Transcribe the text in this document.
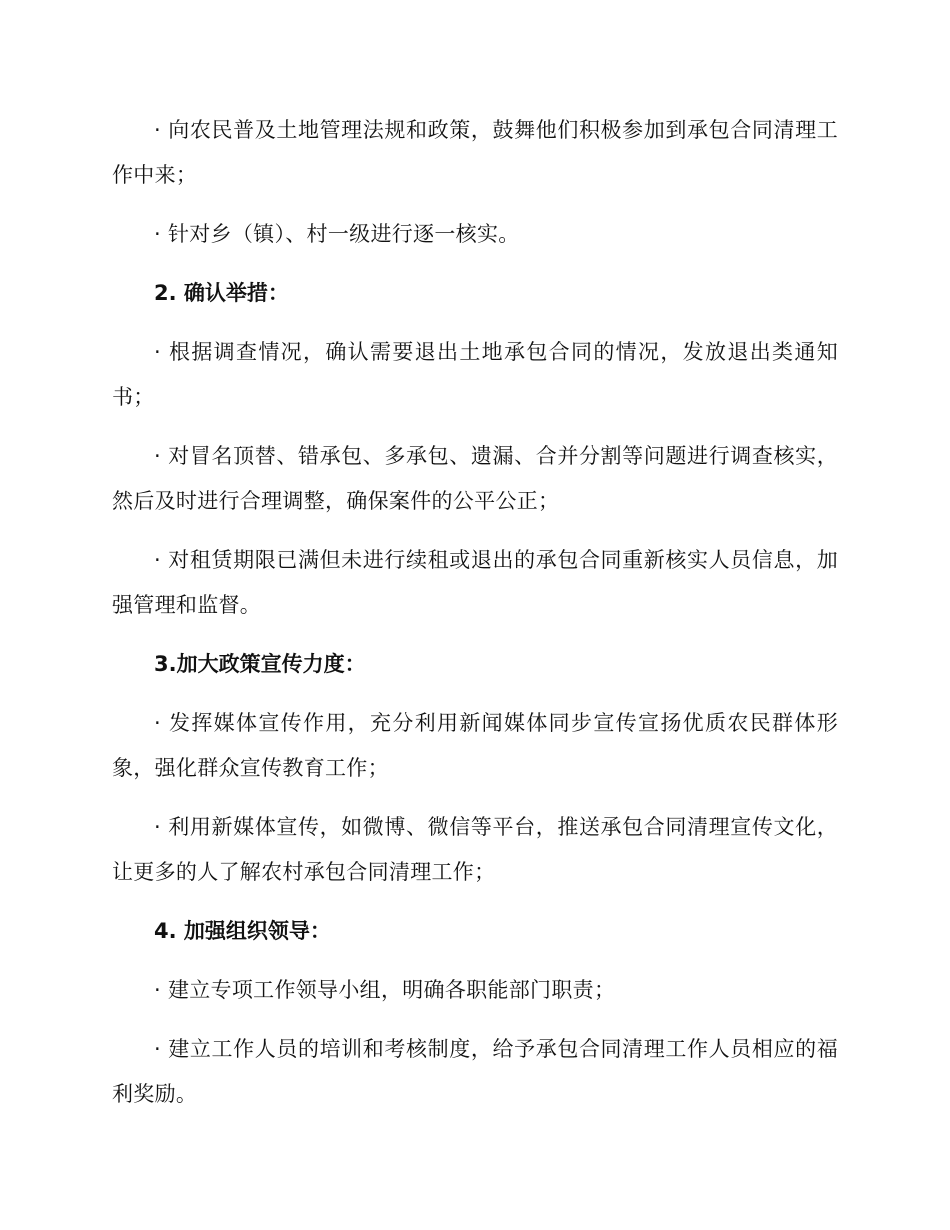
· 向农民普及土地管理法规和政策，鼓舞他们积极参加到承包合同清理工作中来；

· 针对乡（镇）、村一级进行逐一核实。

2. 确认举措：

· 根据调查情况，确认需要退出土地承包合同的情况，发放退出类通知书；

· 对冒名顶替、错承包、多承包、遗漏、合并分割等问题进行调查核实，然后及时进行合理调整，确保案件的公平公正；

· 对租赁期限已满但未进行续租或退出的承包合同重新核实人员信息，加强管理和监督。

3.加大政策宣传力度：

· 发挥媒体宣传作用，充分利用新闻媒体同步宣传宣扬优质农民群体形象，强化群众宣传教育工作；

· 利用新媒体宣传，如微博、微信等平台，推送承包合同清理宣传文化，让更多的人了解农村承包合同清理工作；

4. 加强组织领导：

· 建立专项工作领导小组，明确各职能部门职责；

· 建立工作人员的培训和考核制度，给予承包合同清理工作人员相应的福利奖励。
